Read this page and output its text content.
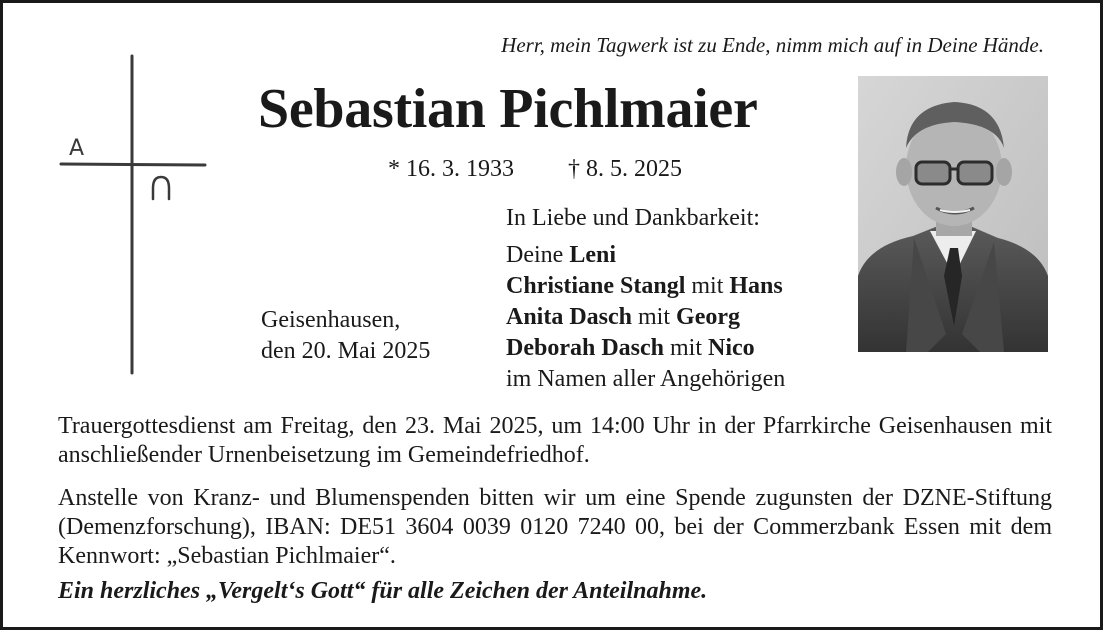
Herr, mein Tagwerk ist zu Ende, nimm mich auf in Deine Hände.
A
Sebastian Pichlmaier
* 16. 3. 1933 † 8. 5. 2025
In Liebe und Dankbarkeit:
Deine Leni
Christiane Stangl mit Hans
Anita Dasch mit Georg
Deborah Dasch mit Nico
im Namen aller Angehörigen
Geisenhausen,
den 20. Mai 2025
Trauergottesdienst am Freitag, den 23. Mai 2025, um 14:00 Uhr in der Pfarrkirche Geisenhausen mit anschließender Urnenbeisetzung im Gemeindefriedhof.
Anstelle von Kranz- und Blumenspenden bitten wir um eine Spende zugunsten der DZNE-Stiftung (Demenzforschung), IBAN: DE51 3604 0039 0120 7240 00, bei der Commerzbank Essen mit dem Kennwort: „Sebastian Pichlmaier“.
Ein herzliches „Vergelt‘s Gott“ für alle Zeichen der Anteilnahme.
